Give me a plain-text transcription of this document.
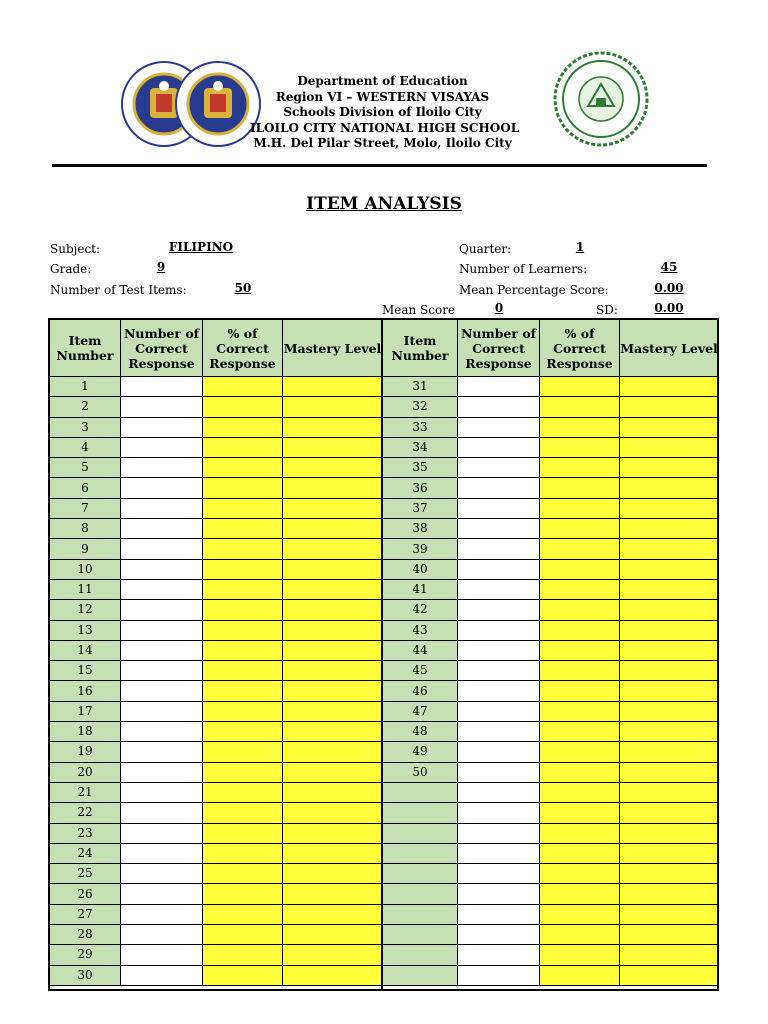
Department of Education
Region VI – WESTERN VISAYAS
Schools Division of Iloilo City
ILOILO CITY NATIONAL HIGH SCHOOL
M.H. Del Pilar Street, Molo, Iloilo City
ITEM ANALYSIS
Subject:	FILIPINO
Grade:	9
Number of Test Items:	50
Quarter:	1
Number of Learners:	45
Mean Percentage Score:	0.00
Mean Score	0	SD:	0.00
Item Number	Number of Correct Response	% of Correct Response	Mastery Level
1			
2			
3			
4			
5			
6			
7			
8			
9			
10			
11			
12			
13			
14			
15			
16			
17			
18			
19			
20			
21			
22			
23			
24			
25			
26			
27			
28			
29			
30			
Item Number	Number of Correct Response	% of Correct Response	Mastery Level
31			
32			
33			
34			
35			
36			
37			
38			
39			
40			
41			
42			
43			
44			
45			
46			
47			
48			
49			
50			
